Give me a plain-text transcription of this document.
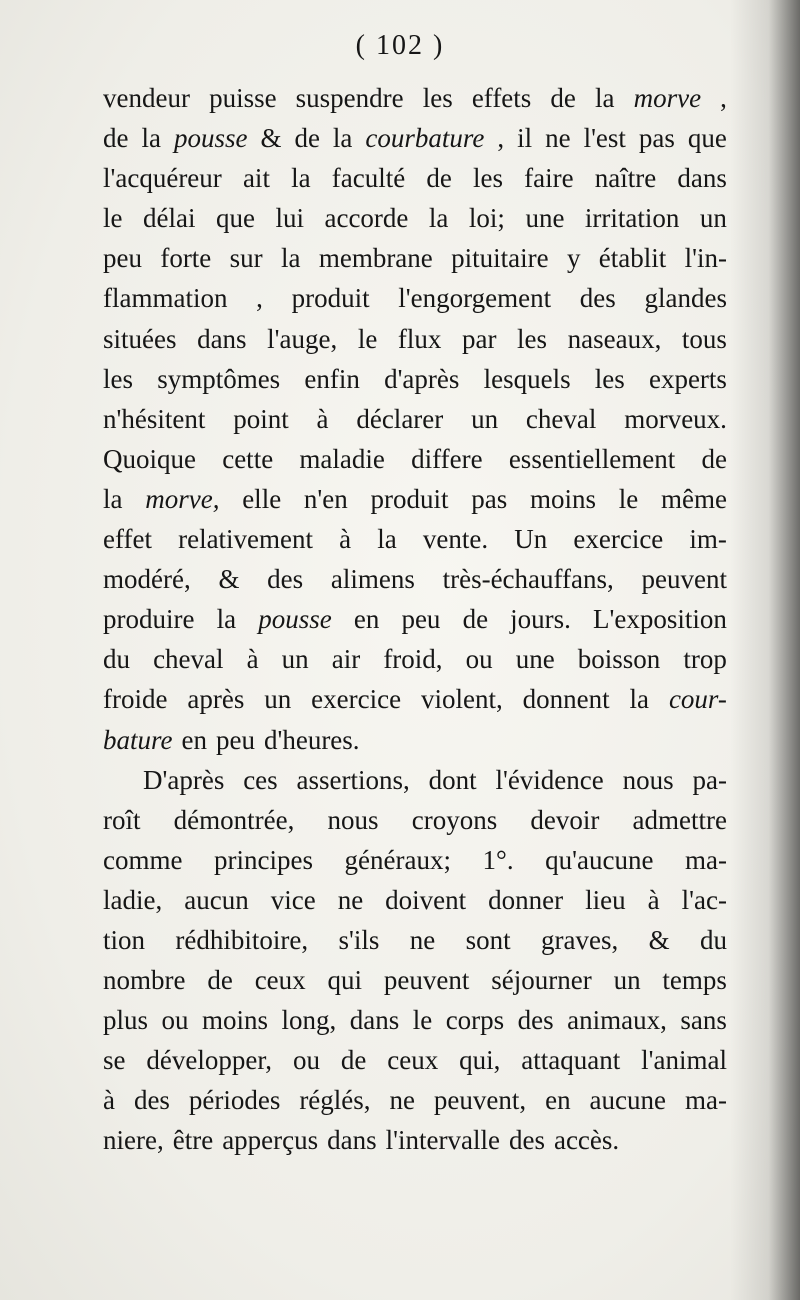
( 102 )
vendeur puisse suspendre les effets de la morve ,
de la pousse & de la courbature , il ne l'est pas que
l'acquéreur ait la faculté de les faire naître dans
le délai que lui accorde la loi; une irritation un
peu forte sur la membrane pituitaire y établit l'in-
flammation , produit l'engorgement des glandes
situées dans l'auge, le flux par les naseaux, tous
les symptômes enfin d'après lesquels les experts
n'hésitent point à déclarer un cheval morveux.
Quoique cette maladie differe essentiellement de
la morve, elle n'en produit pas moins le même
effet relativement à la vente. Un exercice im-
modéré, & des alimens très-échauffans, peuvent
produire la pousse en peu de jours. L'exposition
du cheval à un air froid, ou une boisson trop
froide après un exercice violent, donnent la cour-
bature en peu d'heures.
D'après ces assertions, dont l'évidence nous pa-
roît démontrée, nous croyons devoir admettre
comme principes généraux; 1°. qu'aucune ma-
ladie, aucun vice ne doivent donner lieu à l'ac-
tion rédhibitoire, s'ils ne sont graves, & du
nombre de ceux qui peuvent séjourner un temps
plus ou moins long, dans le corps des animaux, sans
se développer, ou de ceux qui, attaquant l'animal
à des périodes réglés, ne peuvent, en aucune ma-
niere, être apperçus dans l'intervalle des accès.
